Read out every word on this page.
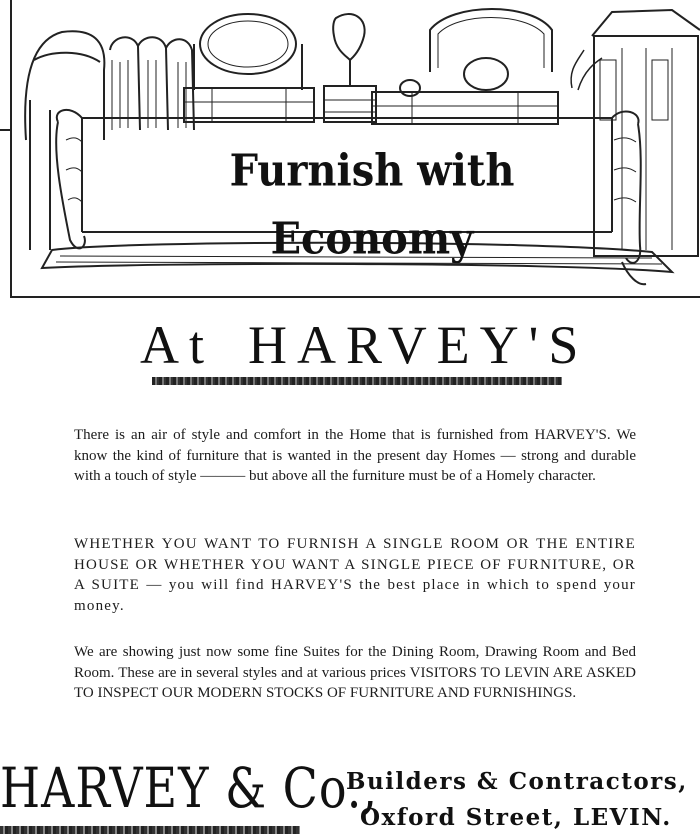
Furnish with Economy
At HARVEY'S
There is an air of style and comfort in the Home that is furnished from HARVEY'S. We know the kind of furniture that is wanted in the present day Homes — strong and durable with a touch of style ——— but above all the furniture must be of a Homely character.
WHETHER YOU WANT TO FURNISH A SINGLE ROOM OR THE ENTIRE HOUSE OR WHETHER YOU WANT A SINGLE PIECE OF FURNITURE, OR A SUITE — you will find HARVEY'S the best place in which to spend your money.
We are showing just now some fine Suites for the Dining Room, Drawing Room and Bed Room. These are in several styles and at various prices VISITORS TO LEVIN ARE ASKED TO INSPECT OUR MODERN STOCKS OF FURNITURE AND FURNISHINGS.
HARVEY & Co.,
Builders & Contractors,
Oxford Street, LEVIN.
